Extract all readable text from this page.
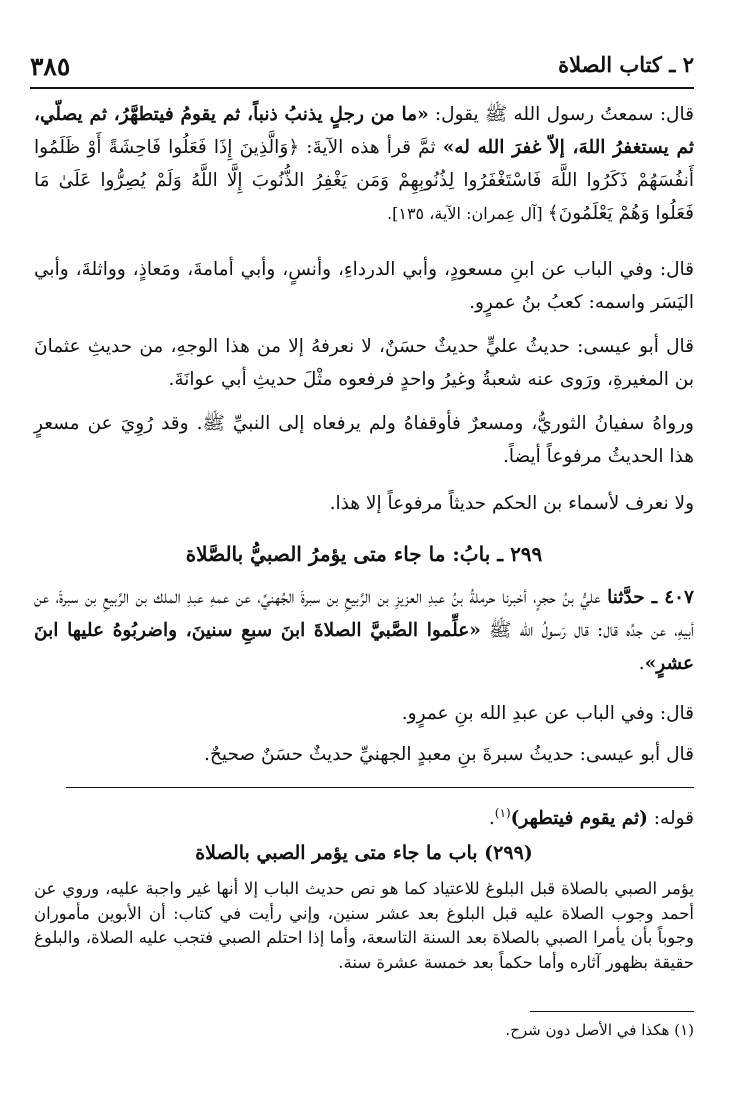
٣٨٥	٢ ـ كتاب الصلاة
قال: سمعتُ رسول الله ﷺ يقول: «ما من رجلٍ يذنبُ ذنباً، ثم يقومُ فيتطهَّرُ، ثم يصلّي، ثم يستغفرُ اللهَ، إلاّ غفرَ الله له» ثمَّ قرأ هذه الآيةَ: ﴿وَالَّذِينَ إِذَا فَعَلُوا فَاحِشَةً أَوْ ظَلَمُوا أَنفُسَهُمْ ذَكَرُوا اللَّهَ فَاسْتَغْفَرُوا لِذُنُوبِهِمْ وَمَن يَغْفِرُ الذُّنُوبَ إِلَّا اللَّهُ وَلَمْ يُصِرُّوا عَلَىٰ مَا فَعَلُوا وَهُمْ يَعْلَمُونَ﴾ [آل عِمران: الآية، ١٣٥].
قال: وفي الباب عن ابنِ مسعودٍ، وأبي الدرداءِ، وأنسٍ، وأبي أمامةَ، ومَعاذٍ، وواثلةَ، وأبي اليَسَر واسمه: كعبُ بنُ عمرٍو.
قال أبو عيسى: حديثُ عليٍّ حديثٌ حسَنٌ، لا نعرفهُ إلا من هذا الوجهِ، من حديثِ عثمانَ بن المغيرةِ، ورَوى عنه شعبةُ وغيرُ واحدٍ فرفعوه مثْلَ حديثِ أبي عوانَةَ.
ورواهُ سفيانُ الثوريُّ، ومسعرٌ فأوقفاهُ ولم يرفعاه إلى النبيِّ ﷺ. وقد رُوِيَ عن مسعرٍ هذا الحديثُ مرفوعاً أيضاً.
ولا نعرف لأسماء بن الحكم حديثاً مرفوعاً إلا هذا.
٢٩٩ ـ بابُ: ما جاء متى يؤمرُ الصبيُّ بالصَّلاة
٤٠٧ ـ حدَّثنا عليُّ بنُ حجرٍ، أخبرنا حرملةُ بنُ عبدِ العزيزِ بن الرَّبيعِ بن سبرةَ الجُهنيِّ، عن عمهِ عبدِ الملك بن الرَّبيعِ بن سبرةَ، عن أبيهِ، عن جدِّه قال: قال رَسولُ الله ﷺ «علِّموا الصَّبيَّ الصلاةَ ابنَ سبعِ سنينَ، واضربُوهُ عليها ابنَ عشرٍ».
قال: وفي الباب عن عبدِ الله بنِ عمرٍو.
قال أبو عيسى: حديثُ سبرةَ بنِ معبدٍ الجهنيِّ حديثٌ حسَنٌ صحيحٌ.
قوله: (ثم يقوم فيتطهر)$^{(١)}$.
(٢٩٩) باب ما جاء متى يؤمر الصبي بالصلاة
يؤمر الصبي بالصلاة قبل البلوغ للاعتياد كما هو نص حديث الباب إلا أنها غير واجبة عليه، وروي عن أحمد وجوب الصلاة عليه قبل البلوغ بعد عشر سنين، وإني رأيت في كتاب: أن الأبوين مأموران وجوباً بأن يأمرا الصبي بالصلاة بعد السنة التاسعة، وأما إذا احتلم الصبي فتجب عليه الصلاة، والبلوغ حقيقة بظهور آثاره وأما حكماً بعد خمسة عشرة سنة.
(١) هكذا في الأصل دون شرح.
